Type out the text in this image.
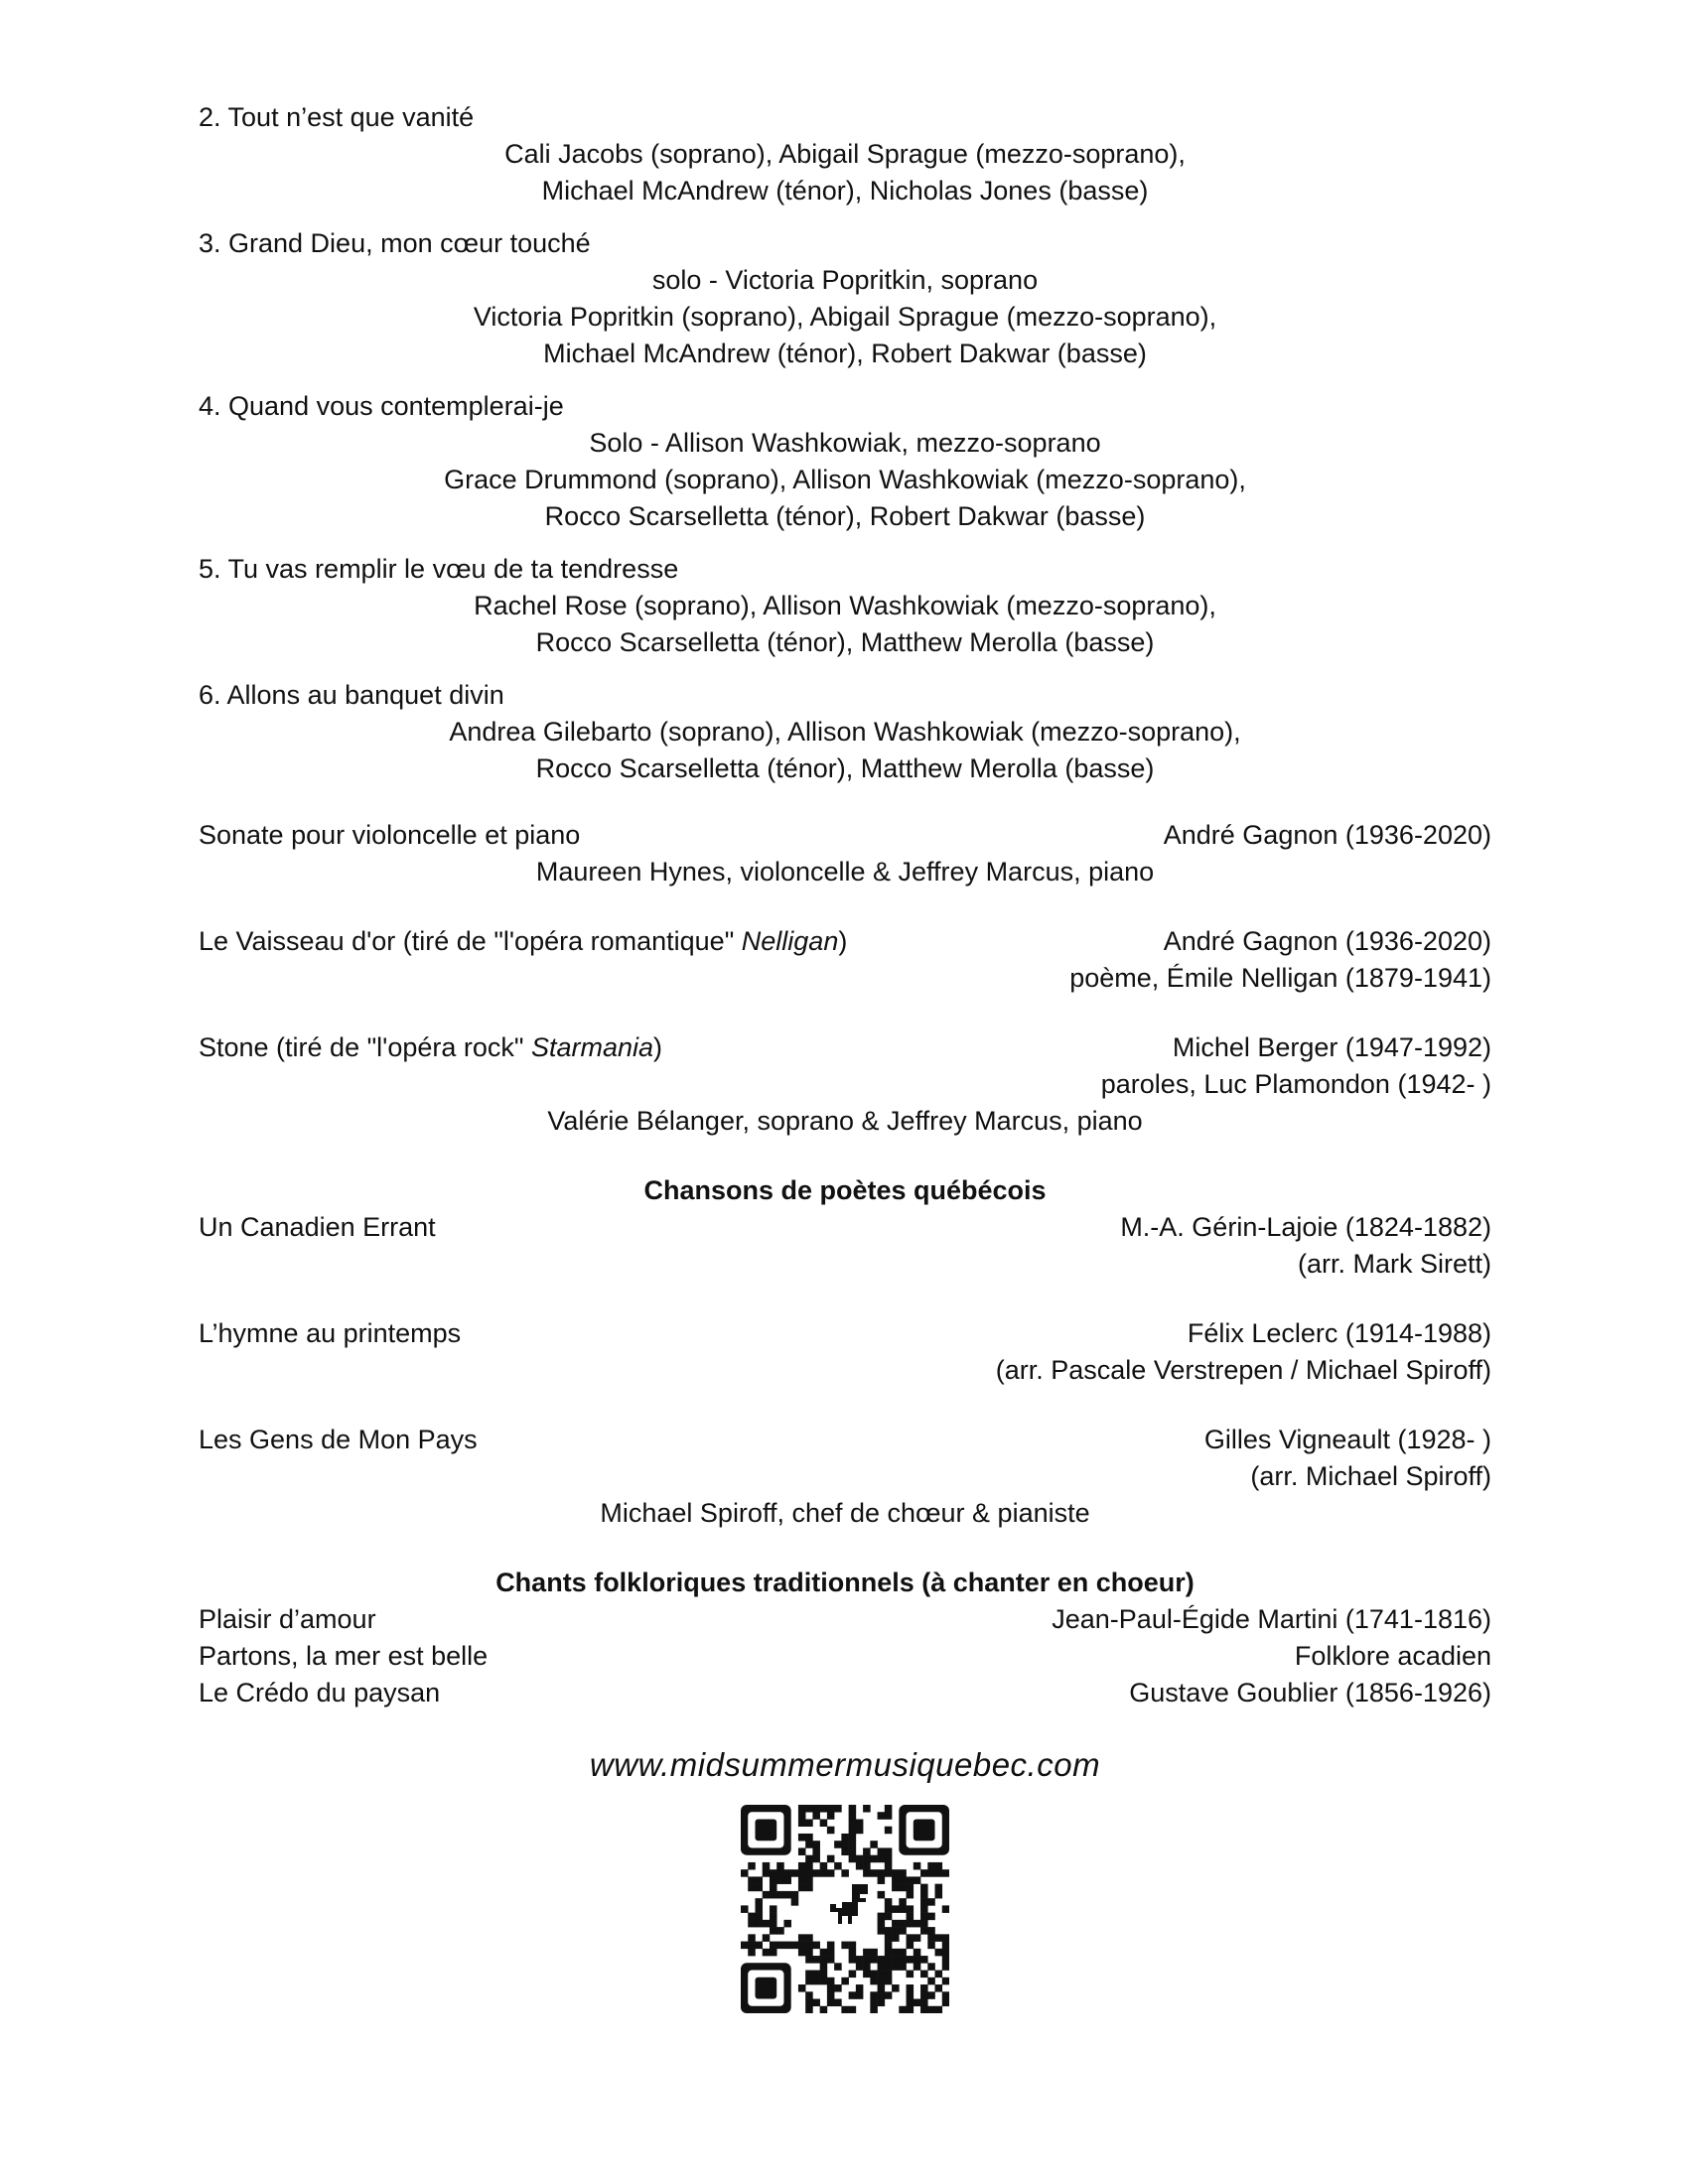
2. Tout n’est que vanité
Cali Jacobs (soprano), Abigail Sprague (mezzo-soprano),
Michael McAndrew (ténor), Nicholas Jones (basse)
3. Grand Dieu, mon cœur touché
solo - Victoria Popritkin, soprano
Victoria Popritkin (soprano), Abigail Sprague (mezzo-soprano),
Michael McAndrew (ténor), Robert Dakwar (basse)
4. Quand vous contemplerai-je
Solo - Allison Washkowiak, mezzo-soprano
Grace Drummond (soprano), Allison Washkowiak (mezzo-soprano),
Rocco Scarselletta (ténor), Robert Dakwar (basse)
5. Tu vas remplir le vœu de ta tendresse
Rachel Rose (soprano), Allison Washkowiak (mezzo-soprano),
Rocco Scarselletta (ténor), Matthew Merolla (basse)
6. Allons au banquet divin
Andrea Gilebarto (soprano), Allison Washkowiak (mezzo-soprano),
Rocco Scarselletta (ténor), Matthew Merolla (basse)
Sonate pour violoncelle et piano	André Gagnon (1936-2020)
Maureen Hynes, violoncelle & Jeffrey Marcus, piano
Le Vaisseau d'or (tiré de "l'opéra romantique" Nelligan)	André Gagnon (1936-2020)
poème, Émile Nelligan (1879-1941)
Stone (tiré de "l'opéra rock" Starmania)	Michel Berger (1947-1992)
paroles, Luc Plamondon (1942- )
Valérie Bélanger, soprano & Jeffrey Marcus, piano
Chansons de poètes québécois
Un Canadien Errant	M.-A. Gérin-Lajoie (1824-1882)
(arr. Mark Sirett)
L’hymne au printemps	Félix Leclerc (1914-1988)
(arr. Pascale Verstrepen / Michael Spiroff)
Les Gens de Mon Pays	Gilles Vigneault (1928- )
(arr. Michael Spiroff)
Michael Spiroff, chef de chœur & pianiste
Chants folkloriques traditionnels (à chanter en choeur)
Plaisir d’amour	Jean-Paul-Égide Martini (1741-1816)
Partons, la mer est belle	Folklore acadien
Le Crédo du paysan	Gustave Goublier (1856-1926)
www.midsummermusiquebec.com
